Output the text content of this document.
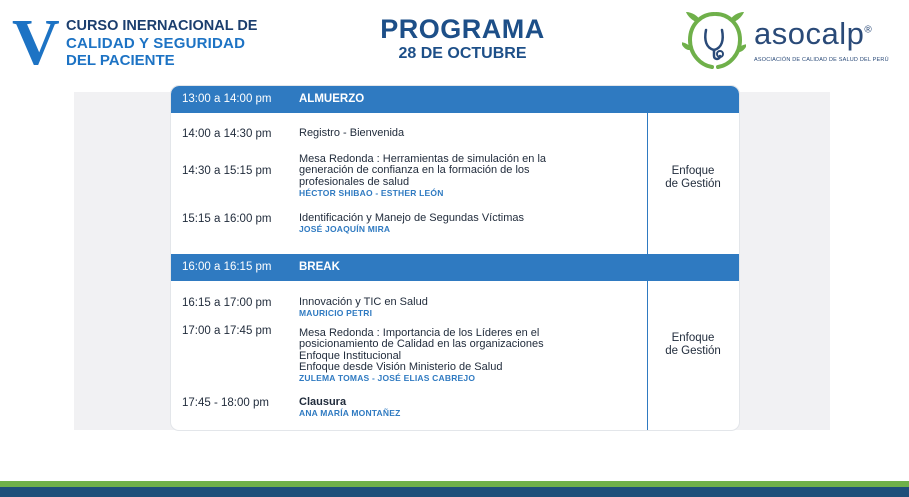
V CURSO INERNACIONAL DE
CALIDAD Y SEGURIDAD
DEL PACIENTE
PROGRAMA
28 DE OCTUBRE
asocalp®
ASOCIACIÓN DE CALIDAD DE SALUD DEL PERÚ
13:00 a 14:00 pm ALMUERZO
14:00 a 14:30 pm Registro - Bienvenida
14:30 a 15:15 pm
Mesa Redonda : Herramientas de simulación en la
generación de confianza en la formación de los
profesionales de salud
HÉCTOR SHIBAO - ESTHER LEÓN
15:15 a 16:00 pm Identificación y Manejo de Segundas Víctimas
JOSÉ JOAQUÍN MIRA
Enfoque
de Gestión
16:00 a 16:15 pm BREAK
16:15 a 17:00 pm Innovación y TIC en Salud
MAURICIO PETRI
17:00 a 17:45 pm Mesa Redonda : Importancia de los Líderes en el
posicionamiento de Calidad en las organizaciones
Enfoque Institucional
Enfoque desde Visión Ministerio de Salud
ZULEMA TOMAS - JOSÉ ELIAS CABREJO
17:45 - 18:00 pm	Clausura
ANA MARÍA MONTAÑEZ
Enfoque
de Gestión
